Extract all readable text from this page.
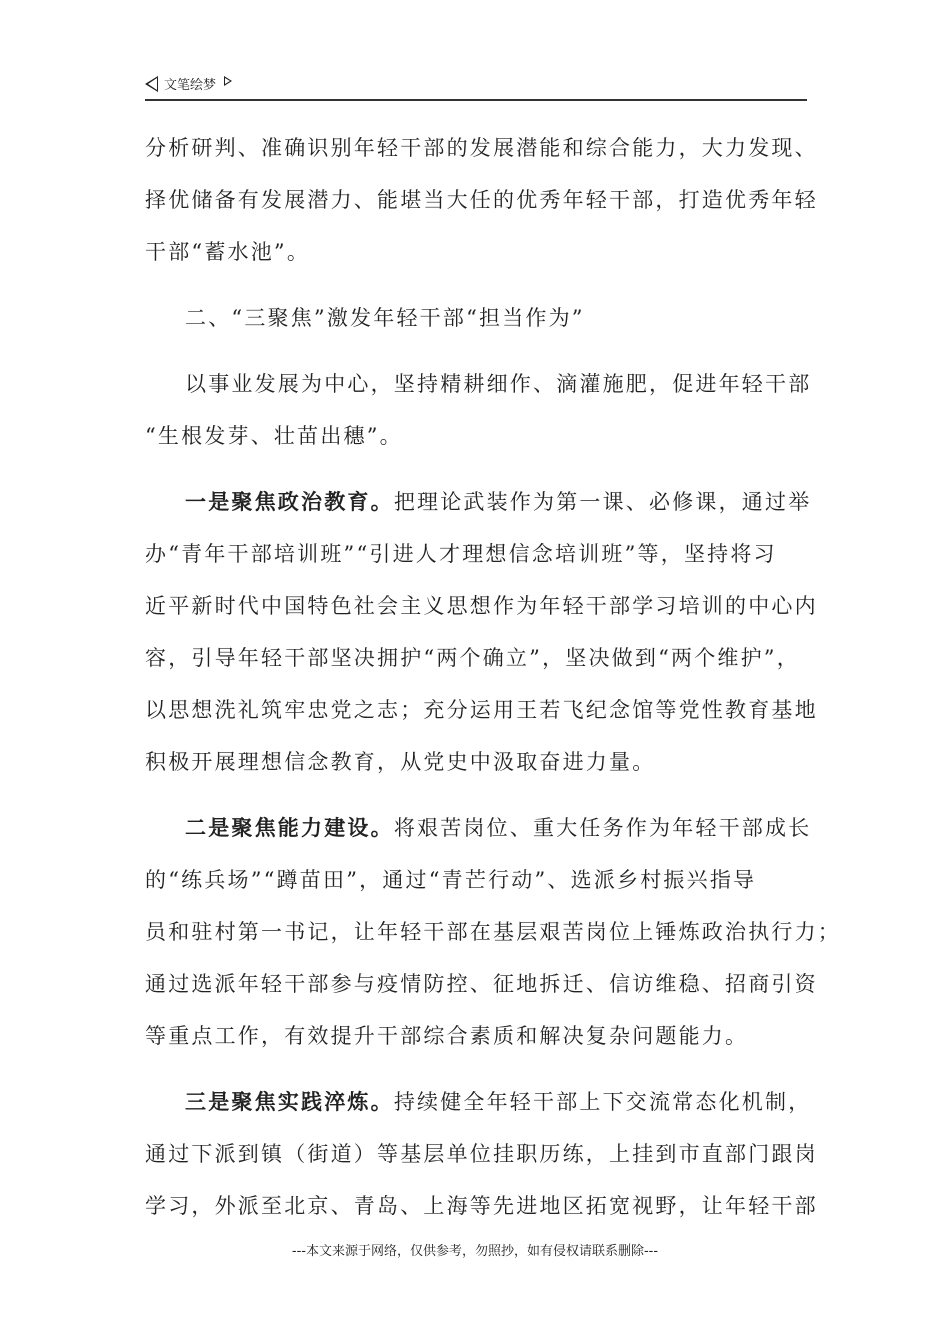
文笔绘梦
分析研判、准确识别年轻干部的发展潜能和综合能力，大力发现、
择优储备有发展潜力、能堪当大任的优秀年轻干部，打造优秀年轻
干部“蓄水池”。
二、“三聚焦”激发年轻干部“担当作为”
以事业发展为中心，坚持精耕细作、滴灌施肥，促进年轻干部
“生根发芽、壮苗出穗”。
一是聚焦政治教育。把理论武装作为第一课、必修课，通过举
办“青年干部培训班”“引进人才理想信念培训班”等，坚持将习
近平新时代中国特色社会主义思想作为年轻干部学习培训的中心内
容，引导年轻干部坚决拥护“两个确立”，坚决做到“两个维护”，
以思想洗礼筑牢忠党之志；充分运用王若飞纪念馆等党性教育基地
积极开展理想信念教育，从党史中汲取奋进力量。
二是聚焦能力建设。将艰苦岗位、重大任务作为年轻干部成长
的“练兵场”“蹲苗田”，通过“青芒行动”、选派乡村振兴指导
员和驻村第一书记，让年轻干部在基层艰苦岗位上锤炼政治执行力；
通过选派年轻干部参与疫情防控、征地拆迁、信访维稳、招商引资
等重点工作，有效提升干部综合素质和解决复杂问题能力。
三是聚焦实践淬炼。持续健全年轻干部上下交流常态化机制，
通过下派到镇（街道）等基层单位挂职历练，上挂到市直部门跟岗
学习，外派至北京、青岛、上海等先进地区拓宽视野，让年轻干部
---本文来源于网络，仅供参考，勿照抄，如有侵权请联系删除---
